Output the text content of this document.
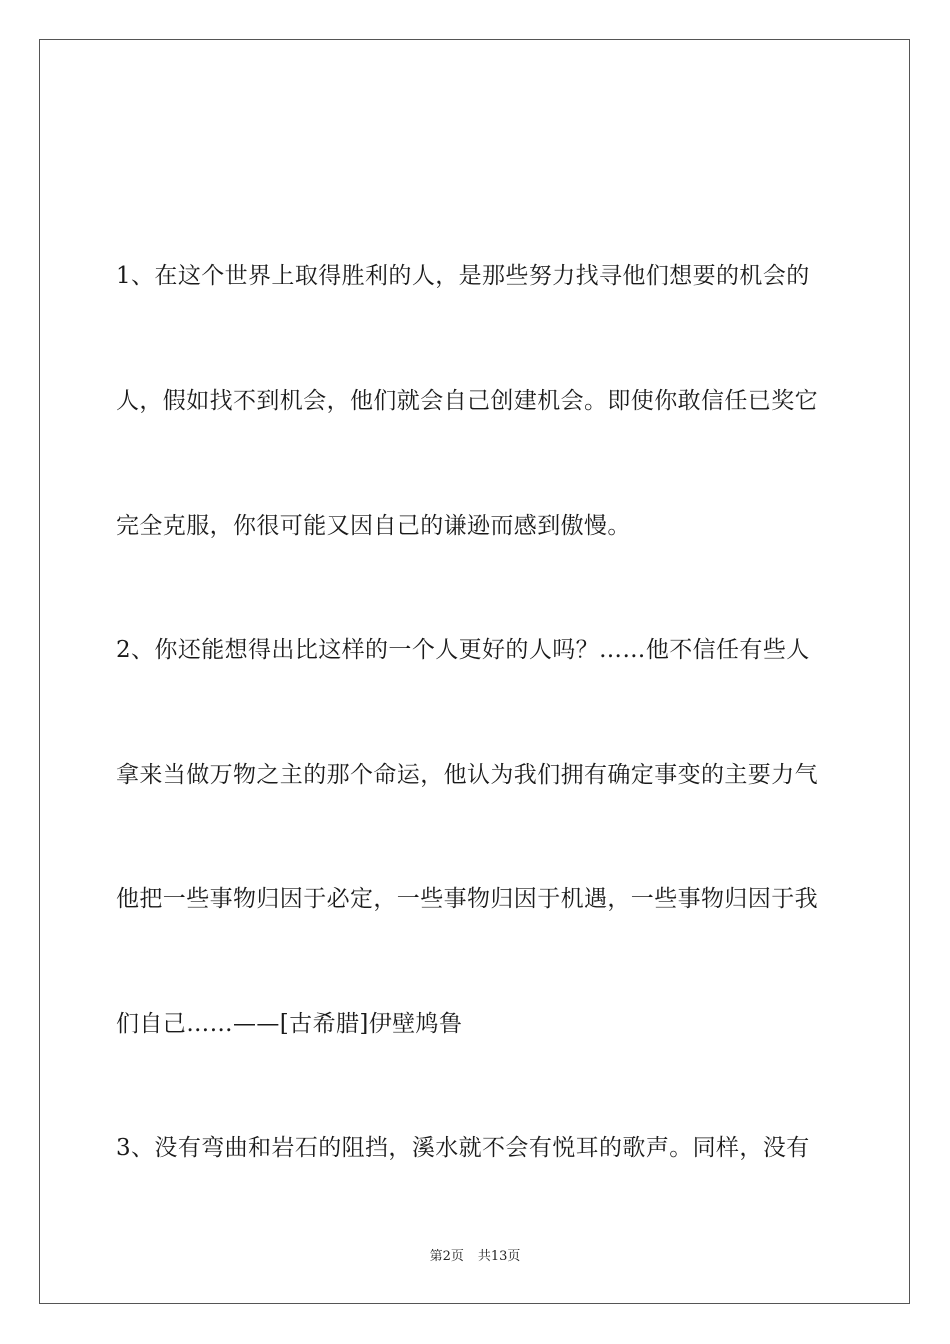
1、在这个世界上取得胜利的人，是那些努力找寻他们想要的机会的
人，假如找不到机会，他们就会自己创建机会。即使你敢信任已奖它
完全克服，你很可能又因自己的谦逊而感到傲慢。
2、你还能想得出比这样的一个人更好的人吗？……他不信任有些人
拿来当做万物之主的那个命运，他认为我们拥有确定事变的主要力气
他把一些事物归因于必定，一些事物归因于机遇，一些事物归因于我
们自己……——[古希腊]伊壁鸠鲁
3、没有弯曲和岩石的阻挡，溪水就不会有悦耳的歌声。同样，没有
第2页 共13页
